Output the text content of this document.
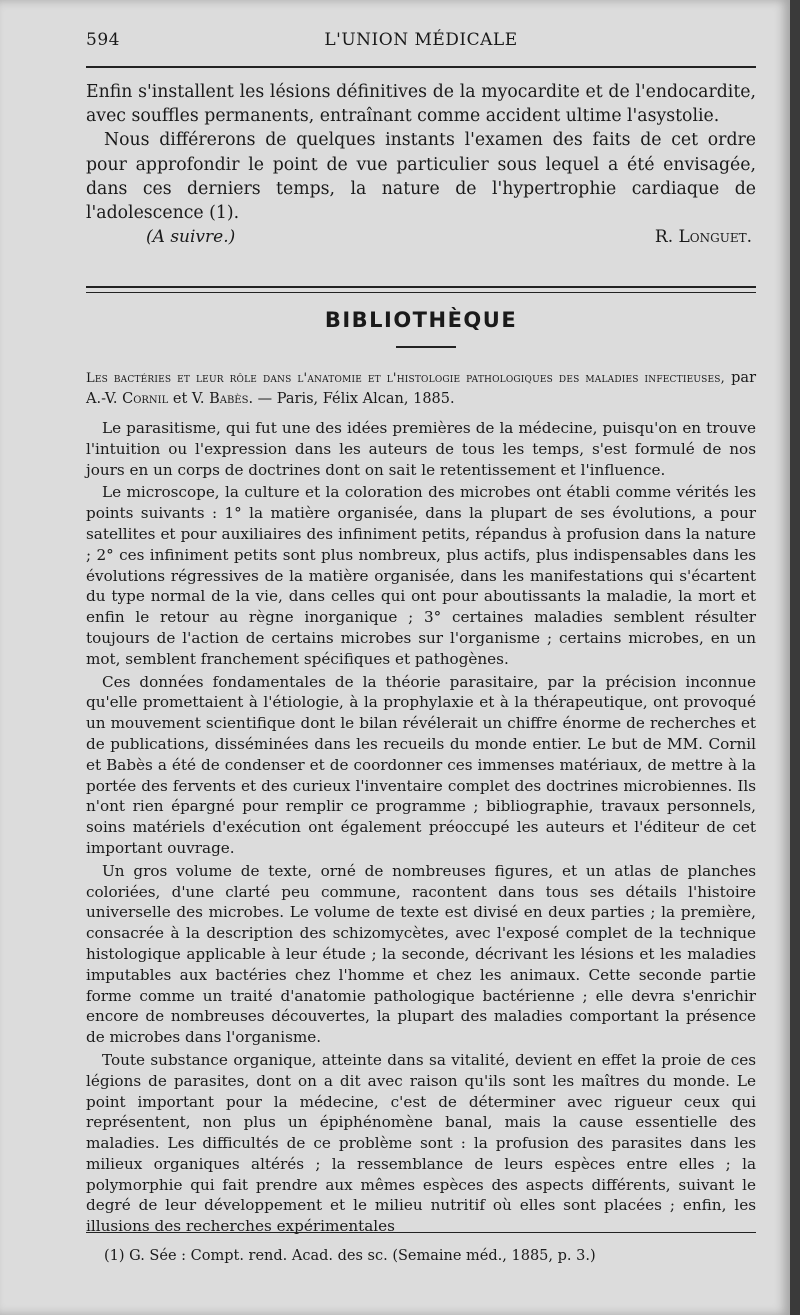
594	L'UNION MÉDICALE

Enfin s'installent les lésions définitives de la myocardite et de l'endocardite, avec souffles permanents, entraînant comme accident ultime l'asystolie.

Nous différerons de quelques instants l'examen des faits de cet ordre pour approfondir le point de vue particulier sous lequel a été envisagée, dans ces derniers temps, la nature de l'hypertrophie cardiaque de l'adolescence (1).

(A suivre.)	R. Longuet.
BIBLIOTHÈQUE
Les bactéries et leur rôle dans l'anatomie et l'histologie pathologiques des maladies infectieuses, par A.-V. Cornil et V. Babès. — Paris, Félix Alcan, 1885.

Le parasitisme, qui fut une des idées premières de la médecine, puisqu'on en trouve l'intuition ou l'expression dans les auteurs de tous les temps, s'est formulé de nos jours en un corps de doctrines dont on sait le retentissement et l'influence.

Le microscope, la culture et la coloration des microbes ont établi comme vérités les points suivants : 1° la matière organisée, dans la plupart de ses évolutions, a pour satellites et pour auxiliaires des infiniment petits, répandus à profusion dans la nature ; 2° ces infiniment petits sont plus nombreux, plus actifs, plus indispensables dans les évolutions régressives de la matière organisée, dans les manifestations qui s'écartent du type normal de la vie, dans celles qui ont pour aboutissants la maladie, la mort et enfin le retour au règne inorganique ; 3° certaines maladies semblent résulter toujours de l'action de certains microbes sur l'organisme ; certains microbes, en un mot, semblent franchement spécifiques et pathogènes.

Ces données fondamentales de la théorie parasitaire, par la précision inconnue qu'elle promettaient à l'étiologie, à la prophylaxie et à la thérapeutique, ont provoqué un mouvement scientifique dont le bilan révélerait un chiffre énorme de recherches et de publications, disséminées dans les recueils du monde entier. Le but de MM. Cornil et Babès a été de condenser et de coordonner ces immenses matériaux, de mettre à la portée des fervents et des curieux l'inventaire complet des doctrines microbiennes. Ils n'ont rien épargné pour remplir ce programme ; bibliographie, travaux personnels, soins matériels d'exécution ont également préoccupé les auteurs et l'éditeur de cet important ouvrage.

Un gros volume de texte, orné de nombreuses figures, et un atlas de planches coloriées, d'une clarté peu commune, racontent dans tous ses détails l'histoire universelle des microbes. Le volume de texte est divisé en deux parties ; la première, consacrée à la description des schizomycètes, avec l'exposé complet de la technique histologique applicable à leur étude ; la seconde, décrivant les lésions et les maladies imputables aux bactéries chez l'homme et chez les animaux. Cette seconde partie forme comme un traité d'anatomie pathologique bactérienne ; elle devra s'enrichir encore de nombreuses découvertes, la plupart des maladies comportant la présence de microbes dans l'organisme.

Toute substance organique, atteinte dans sa vitalité, devient en effet la proie de ces légions de parasites, dont on a dit avec raison qu'ils sont les maîtres du monde. Le point important pour la médecine, c'est de déterminer avec rigueur ceux qui représentent, non plus un épiphénomène banal, mais la cause essentielle des maladies. Les difficultés de ce problème sont : la profusion des parasites dans les milieux organiques altérés ; la ressemblance de leurs espèces entre elles ; la polymorphie qui fait prendre aux mêmes espèces des aspects différents, suivant le degré de leur développement et le milieu nutritif où elles sont placées ; enfin, les illusions des recherches expérimentales

(1) G. Sée : Compt. rend. Acad. des sc. (Semaine méd., 1885, p. 3.)
